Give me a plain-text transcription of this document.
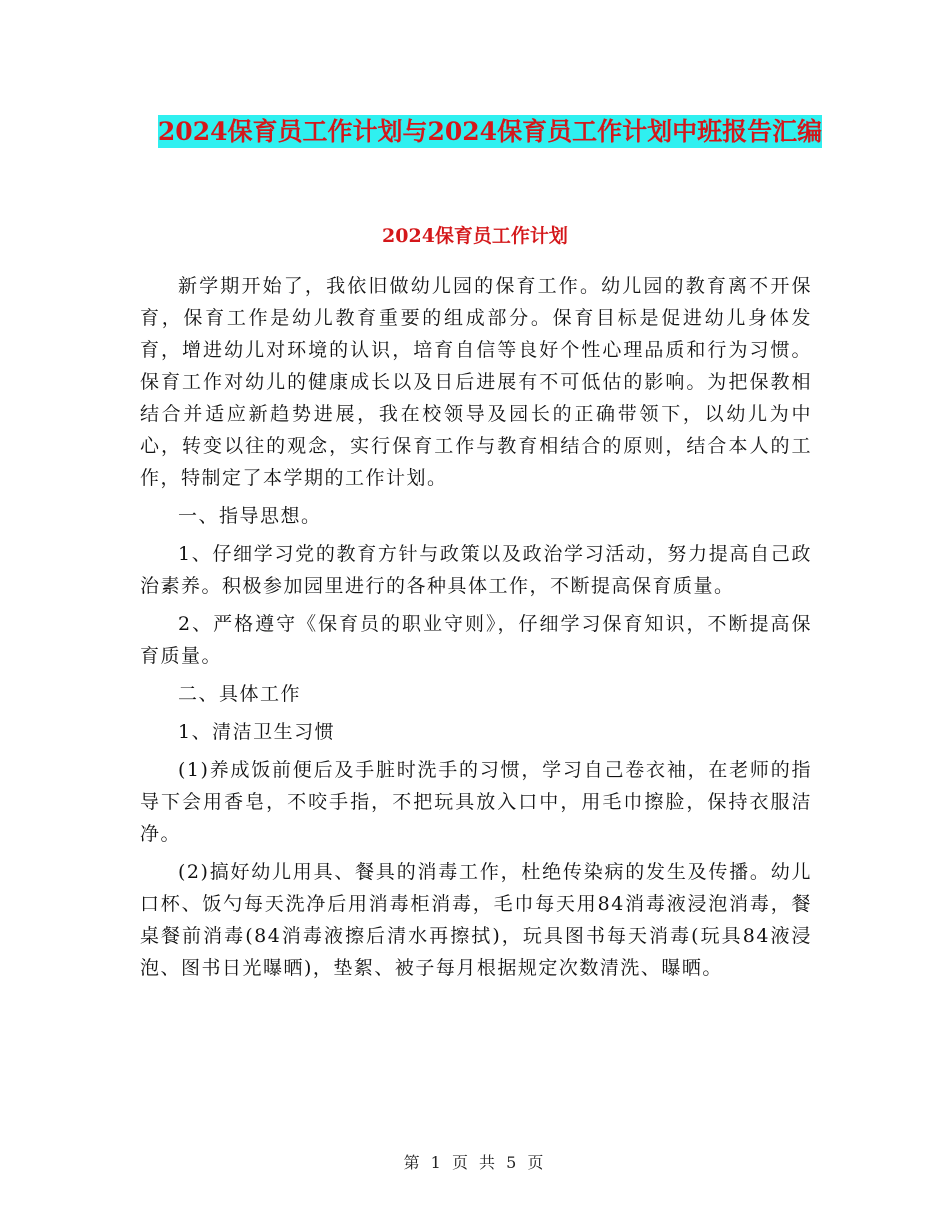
2024保育员工作计划与2024保育员工作计划中班报告汇编
2024保育员工作计划

新学期开始了，我依旧做幼儿园的保育工作。幼儿园的教育离不开保育，保育工作是幼儿教育重要的组成部分。保育目标是促进幼儿身体发育，增进幼儿对环境的认识，培育自信等良好个性心理品质和行为习惯。保育工作对幼儿的健康成长以及日后进展有不可低估的影响。为把保教相结合并适应新趋势进展，我在校领导及园长的正确带领下，以幼儿为中心，转变以往的观念，实行保育工作与教育相结合的原则，结合本人的工作，特制定了本学期的工作计划。

一、指导思想。

1、仔细学习党的教育方针与政策以及政治学习活动，努力提高自己政治素养。积极参加园里进行的各种具体工作，不断提高保育质量。

2、严格遵守《保育员的职业守则》，仔细学习保育知识，不断提高保育质量。

二、具体工作

1、清洁卫生习惯

(1)养成饭前便后及手脏时洗手的习惯，学习自己卷衣袖，在老师的指导下会用香皂，不咬手指，不把玩具放入口中，用毛巾擦脸，保持衣服洁净。

(2)搞好幼儿用具、餐具的消毒工作，杜绝传染病的发生及传播。幼儿口杯、饭勺每天洗净后用消毒柜消毒，毛巾每天用84消毒液浸泡消毒，餐桌餐前消毒(84消毒液擦后清水再擦拭)，玩具图书每天消毒(玩具84液浸泡、图书日光曝晒)，垫絮、被子每月根据规定次数清洗、曝晒。

第 1 页 共 5 页
